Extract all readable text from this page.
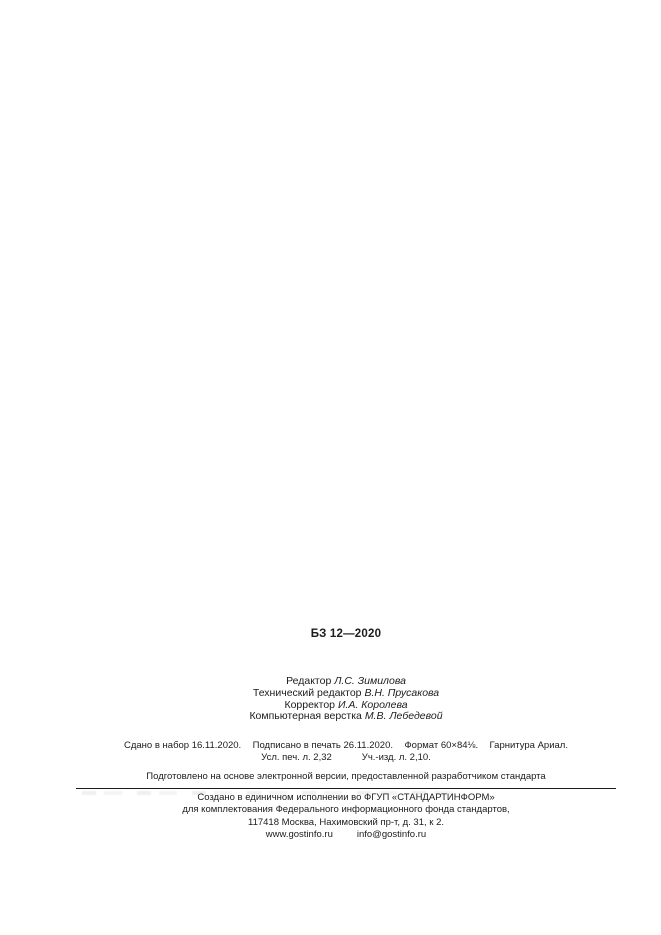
БЗ 12—2020
Редактор Л.С. Зимилова
Технический редактор В.Н. Прусакова
Корректор И.А. Королева
Компьютерная верстка М.В. Лебедевой
Сдано в набор 16.11.2020. Подписано в печать 26.11.2020. Формат 60×84⅛. Гарнитура Ариал.
Усл. печ. л. 2,32	Уч.-изд. л. 2,10.
Подготовлено на основе электронной версии, предоставленной разработчиком стандарта
Создано в единичном исполнении во ФГУП «СТАНДАРТИНФОРМ»
для комплектования Федерального информационного фонда стандартов,
117418 Москва, Нахимовский пр-т, д. 31, к 2.
www.gostinfo.ru	info@gostinfo.ru
